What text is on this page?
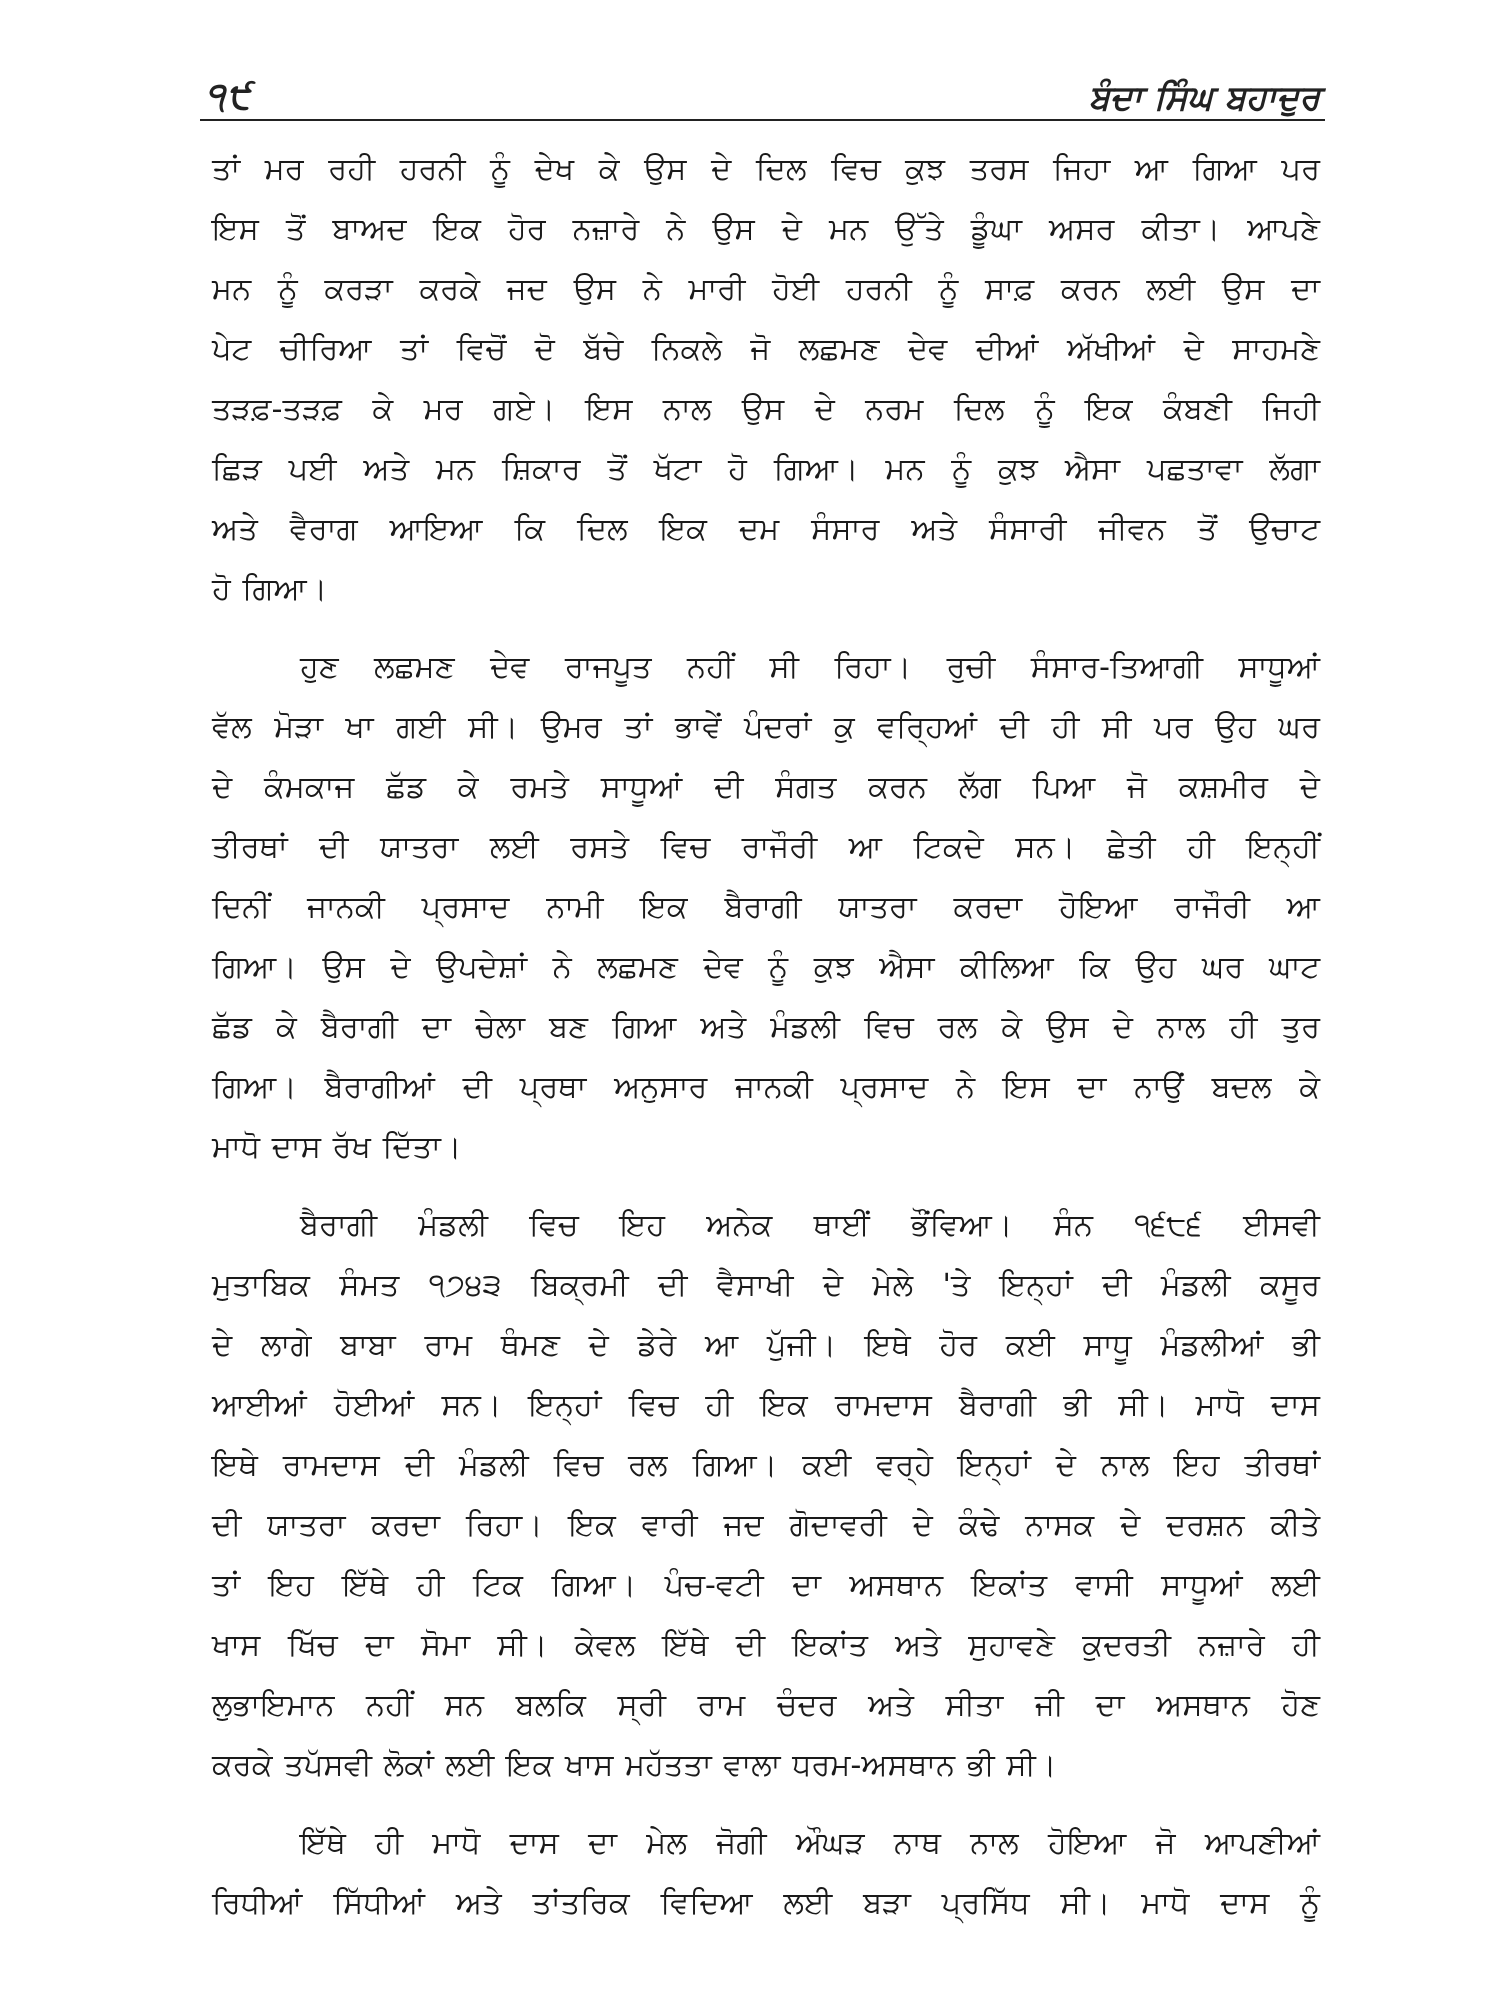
੧੯	ਬੰਦਾ ਸਿੰਘ ਬਹਾਦੁਰ
ਤਾਂ ਮਰ ਰਹੀ ਹਰਨੀ ਨੂੰ ਦੇਖ ਕੇ ਉਸ ਦੇ ਦਿਲ ਵਿਚ ਕੁਝ ਤਰਸ ਜਿਹਾ ਆ ਗਿਆ ਪਰ
ਇਸ ਤੋਂ ਬਾਅਦ ਇਕ ਹੋਰ ਨਜ਼ਾਰੇ ਨੇ ਉਸ ਦੇ ਮਨ ਉੱਤੇ ਡੂੰਘਾ ਅਸਰ ਕੀਤਾ। ਆਪਣੇ
ਮਨ ਨੂੰ ਕਰੜਾ ਕਰਕੇ ਜਦ ਉਸ ਨੇ ਮਾਰੀ ਹੋਈ ਹਰਨੀ ਨੂੰ ਸਾਫ਼ ਕਰਨ ਲਈ ਉਸ ਦਾ
ਪੇਟ ਚੀਰਿਆ ਤਾਂ ਵਿਚੋਂ ਦੋ ਬੱਚੇ ਨਿਕਲੇ ਜੋ ਲਛਮਣ ਦੇਵ ਦੀਆਂ ਅੱਖੀਆਂ ਦੇ ਸਾਹਮਣੇ
ਤੜਫ਼-ਤੜਫ਼ ਕੇ ਮਰ ਗਏ। ਇਸ ਨਾਲ ਉਸ ਦੇ ਨਰਮ ਦਿਲ ਨੂੰ ਇਕ ਕੰਬਣੀ ਜਿਹੀ
ਛਿੜ ਪਈ ਅਤੇ ਮਨ ਸ਼ਿਕਾਰ ਤੋਂ ਖੱਟਾ ਹੋ ਗਿਆ। ਮਨ ਨੂੰ ਕੁਝ ਐਸਾ ਪਛਤਾਵਾ ਲੱਗਾ
ਅਤੇ ਵੈਰਾਗ ਆਇਆ ਕਿ ਦਿਲ ਇਕ ਦਮ ਸੰਸਾਰ ਅਤੇ ਸੰਸਾਰੀ ਜੀਵਨ ਤੋਂ ਉਚਾਟ
ਹੋ ਗਿਆ।
ਹੁਣ ਲਛਮਣ ਦੇਵ ਰਾਜਪੂਤ ਨਹੀਂ ਸੀ ਰਿਹਾ। ਰੁਚੀ ਸੰਸਾਰ-ਤਿਆਗੀ ਸਾਧੂਆਂ
ਵੱਲ ਮੋੜਾ ਖਾ ਗਈ ਸੀ। ਉਮਰ ਤਾਂ ਭਾਵੇਂ ਪੰਦਰਾਂ ਕੁ ਵਰ੍ਹਿਆਂ ਦੀ ਹੀ ਸੀ ਪਰ ਉਹ ਘਰ
ਦੇ ਕੰਮਕਾਜ ਛੱਡ ਕੇ ਰਮਤੇ ਸਾਧੂਆਂ ਦੀ ਸੰਗਤ ਕਰਨ ਲੱਗ ਪਿਆ ਜੋ ਕਸ਼ਮੀਰ ਦੇ
ਤੀਰਥਾਂ ਦੀ ਯਾਤਰਾ ਲਈ ਰਸਤੇ ਵਿਚ ਰਾਜੌਰੀ ਆ ਟਿਕਦੇ ਸਨ। ਛੇਤੀ ਹੀ ਇਨ੍ਹੀਂ
ਦਿਨੀਂ ਜਾਨਕੀ ਪ੍ਰਸਾਦ ਨਾਮੀ ਇਕ ਬੈਰਾਗੀ ਯਾਤਰਾ ਕਰਦਾ ਹੋਇਆ ਰਾਜੌਰੀ ਆ
ਗਿਆ। ਉਸ ਦੇ ਉਪਦੇਸ਼ਾਂ ਨੇ ਲਛਮਣ ਦੇਵ ਨੂੰ ਕੁਝ ਐਸਾ ਕੀਲਿਆ ਕਿ ਉਹ ਘਰ ਘਾਟ
ਛੱਡ ਕੇ ਬੈਰਾਗੀ ਦਾ ਚੇਲਾ ਬਣ ਗਿਆ ਅਤੇ ਮੰਡਲੀ ਵਿਚ ਰਲ ਕੇ ਉਸ ਦੇ ਨਾਲ ਹੀ ਤੁਰ
ਗਿਆ। ਬੈਰਾਗੀਆਂ ਦੀ ਪ੍ਰਥਾ ਅਨੁਸਾਰ ਜਾਨਕੀ ਪ੍ਰਸਾਦ ਨੇ ਇਸ ਦਾ ਨਾਉਂ ਬਦਲ ਕੇ
ਮਾਧੋ ਦਾਸ ਰੱਖ ਦਿੱਤਾ।
ਬੈਰਾਗੀ ਮੰਡਲੀ ਵਿਚ ਇਹ ਅਨੇਕ ਥਾਈਂ ਭੌਂਵਿਆ। ਸੰਨ ੧੬੮੬ ਈਸਵੀ
ਮੁਤਾਬਿਕ ਸੰਮਤ ੧੭੪੩ ਬਿਕ੍ਰਮੀ ਦੀ ਵੈਸਾਖੀ ਦੇ ਮੇਲੇ 'ਤੇ ਇਨ੍ਹਾਂ ਦੀ ਮੰਡਲੀ ਕਸੂਰ
ਦੇ ਲਾਗੇ ਬਾਬਾ ਰਾਮ ਥੰਮਣ ਦੇ ਡੇਰੇ ਆ ਪੁੱਜੀ। ਇਥੇ ਹੋਰ ਕਈ ਸਾਧੂ ਮੰਡਲੀਆਂ ਭੀ
ਆਈਆਂ ਹੋਈਆਂ ਸਨ। ਇਨ੍ਹਾਂ ਵਿਚ ਹੀ ਇਕ ਰਾਮਦਾਸ ਬੈਰਾਗੀ ਭੀ ਸੀ। ਮਾਧੋ ਦਾਸ
ਇਥੇ ਰਾਮਦਾਸ ਦੀ ਮੰਡਲੀ ਵਿਚ ਰਲ ਗਿਆ। ਕਈ ਵਰ੍ਹੇ ਇਨ੍ਹਾਂ ਦੇ ਨਾਲ ਇਹ ਤੀਰਥਾਂ
ਦੀ ਯਾਤਰਾ ਕਰਦਾ ਰਿਹਾ। ਇਕ ਵਾਰੀ ਜਦ ਗੋਦਾਵਰੀ ਦੇ ਕੰਢੇ ਨਾਸਕ ਦੇ ਦਰਸ਼ਨ ਕੀਤੇ
ਤਾਂ ਇਹ ਇੱਥੇ ਹੀ ਟਿਕ ਗਿਆ। ਪੰਚ-ਵਟੀ ਦਾ ਅਸਥਾਨ ਇਕਾਂਤ ਵਾਸੀ ਸਾਧੂਆਂ ਲਈ
ਖਾਸ ਖਿੱਚ ਦਾ ਸੋਮਾ ਸੀ। ਕੇਵਲ ਇੱਥੇ ਦੀ ਇਕਾਂਤ ਅਤੇ ਸੁਹਾਵਣੇ ਕੁਦਰਤੀ ਨਜ਼ਾਰੇ ਹੀ
ਲੁਭਾਇਮਾਨ ਨਹੀਂ ਸਨ ਬਲਕਿ ਸ੍ਰੀ ਰਾਮ ਚੰਦਰ ਅਤੇ ਸੀਤਾ ਜੀ ਦਾ ਅਸਥਾਨ ਹੋਣ
ਕਰਕੇ ਤਪੱਸਵੀ ਲੋਕਾਂ ਲਈ ਇਕ ਖਾਸ ਮਹੱਤਤਾ ਵਾਲਾ ਧਰਮ-ਅਸਥਾਨ ਭੀ ਸੀ।
ਇੱਥੇ ਹੀ ਮਾਧੋ ਦਾਸ ਦਾ ਮੇਲ ਜੋਗੀ ਔਘੜ ਨਾਥ ਨਾਲ ਹੋਇਆ ਜੋ ਆਪਣੀਆਂ
ਰਿਧੀਆਂ ਸਿੱਧੀਆਂ ਅਤੇ ਤਾਂਤਰਿਕ ਵਿਦਿਆ ਲਈ ਬੜਾ ਪ੍ਰਸਿੱਧ ਸੀ। ਮਾਧੋ ਦਾਸ ਨੂੰ
